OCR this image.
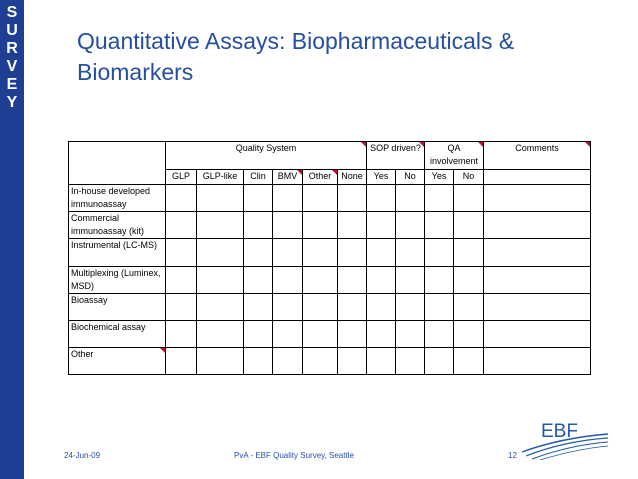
S
U
R
V
E
Y
Quantitative Assays: Biopharmaceuticals & Biomarkers
	Quality System						SOP driven?		QA involvement		Comments

	GLP	GLP-like	Clin	BMV	Other	None	Yes	No	Yes	No	
In-house developed immunoassay											
Commercial immunoassay (kit)											
Instrumental (LC-MS)											
Multiplexing (Luminex, MSD)											
Bioassay											
Biochemical assay											
Other

EBF
24-Jun-09	PvA - EBF Quality Survey, Seattle	12
